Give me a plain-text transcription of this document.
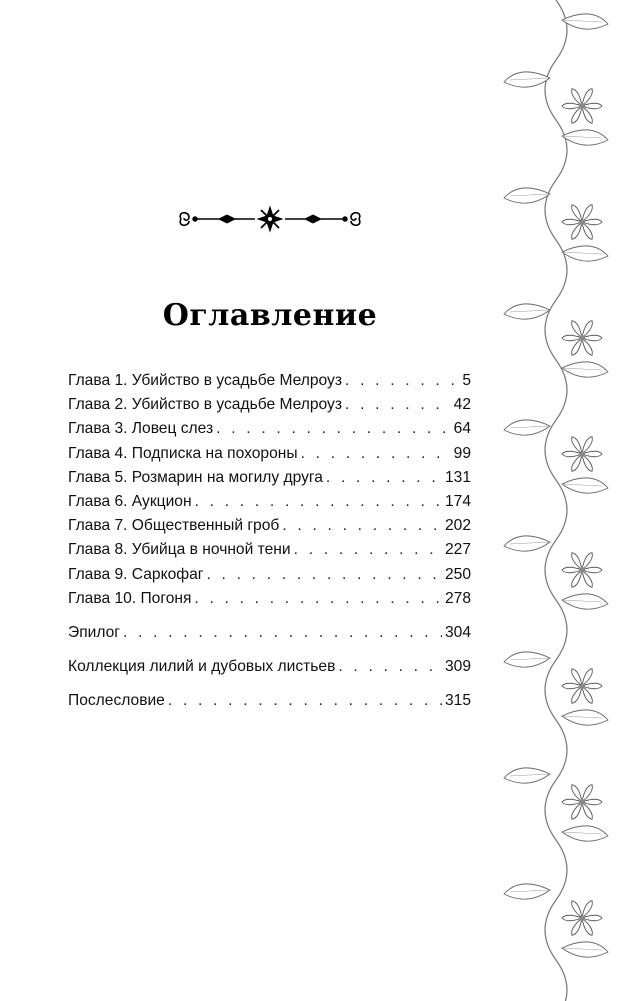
Оглавление
Глава 1. Убийство в усадьбе Мелроуз . . .	5
Глава 2. Убийство в усадьбе Мелроуз . . .	42
Глава 3. Ловец слез . . .	64
Глава 4. Подписка на похороны . . .	99
Глава 5. Розмарин на могилу друга . . .	131
Глава 6. Аукцион . . .	174
Глава 7. Общественный гроб . . .	202
Глава 8. Убийца в ночной тени . . .	227
Глава 9. Саркофаг . . .	250
Глава 10. Погоня . . .	278
Эпилог . . .	304
Коллекция лилий и дубовых листьев . . .	309
Послесловие . . .	315
